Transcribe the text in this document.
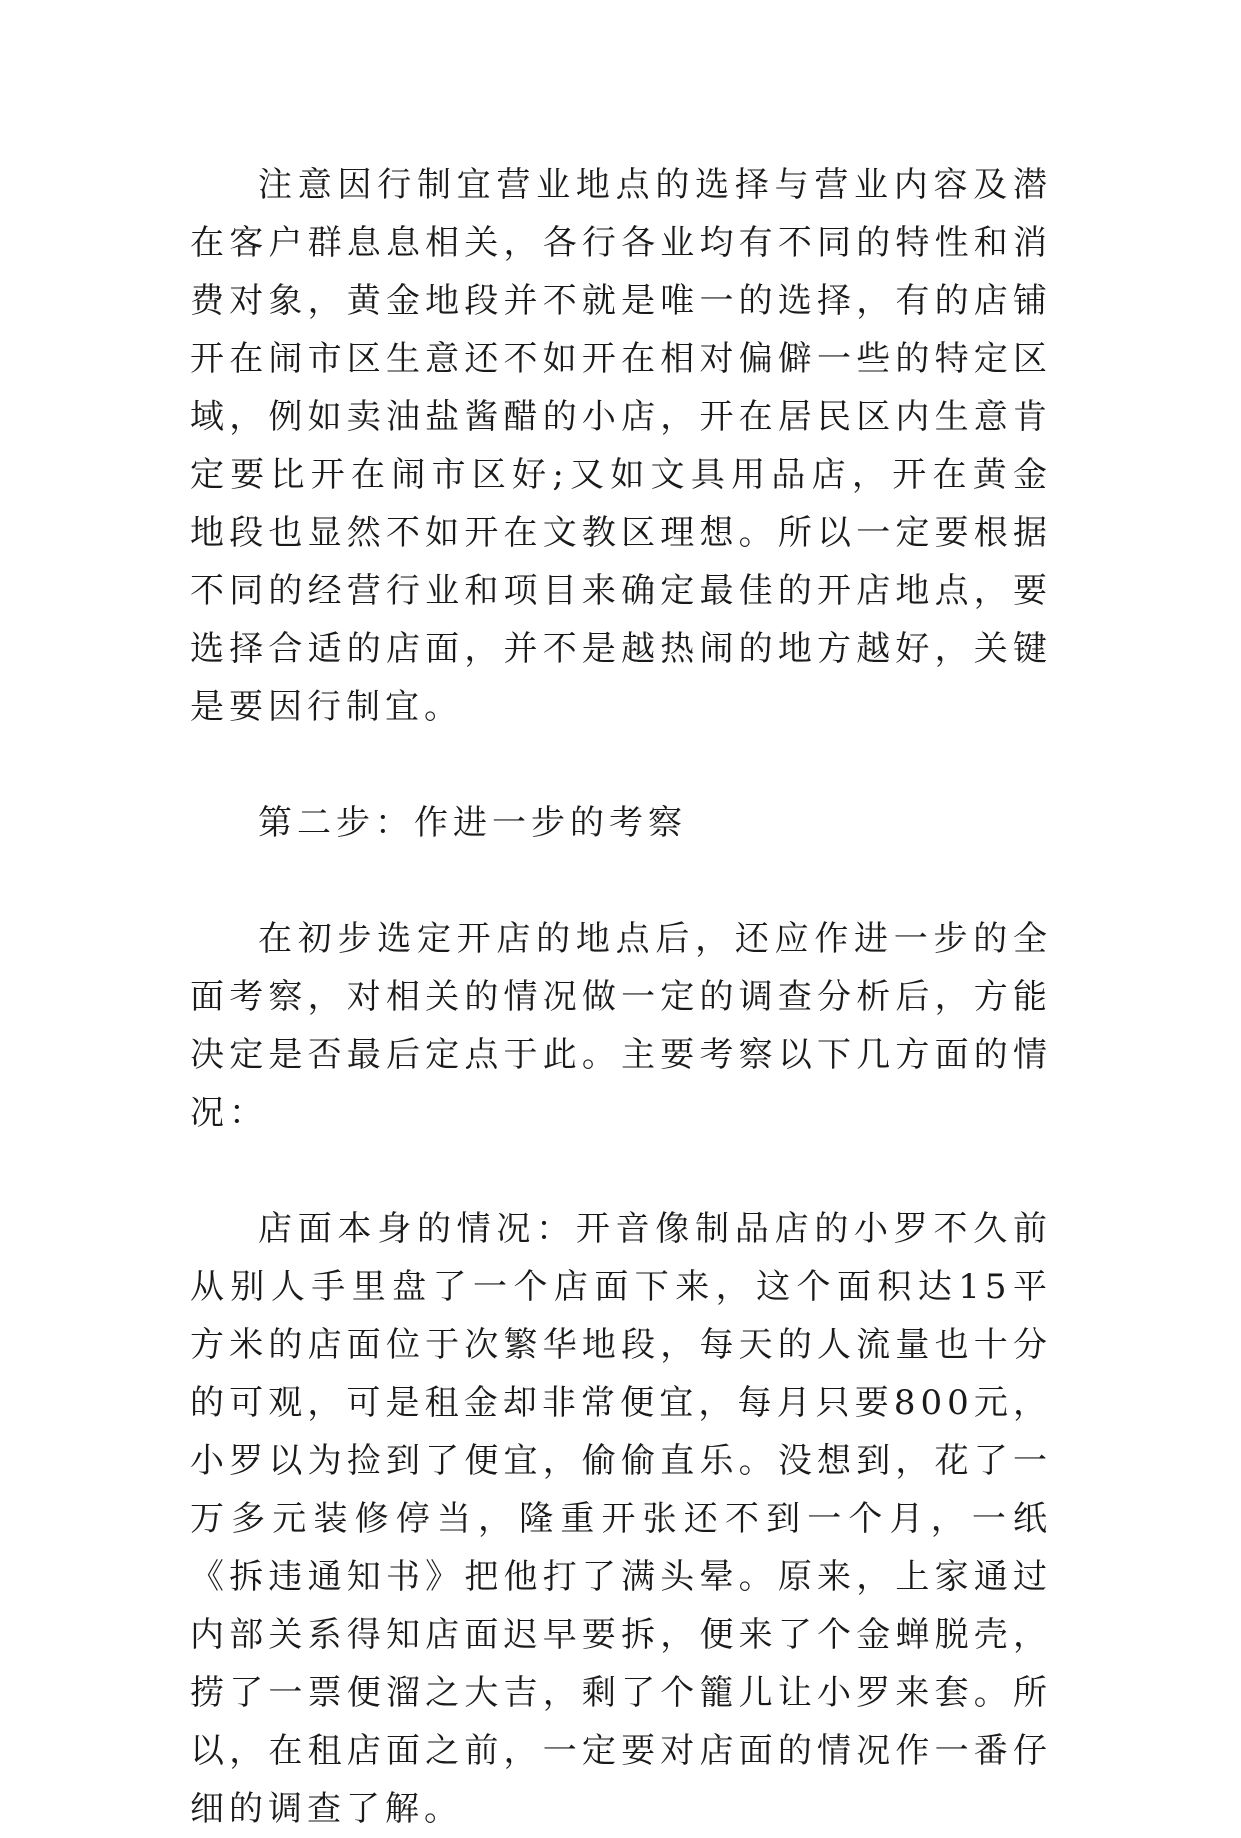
注意因行制宜营业地点的选择与营业内容及潜在客户群息息相关，各行各业均有不同的特性和消费对象，黄金地段并不就是唯一的选择，有的店铺开在闹市区生意还不如开在相对偏僻一些的特定区域，例如卖油盐酱醋的小店，开在居民区内生意肯定要比开在闹市区好;又如文具用品店，开在黄金地段也显然不如开在文教区理想。所以一定要根据不同的经营行业和项目来确定最佳的开店地点，要选择合适的店面，并不是越热闹的地方越好，关键是要因行制宜。

第二步：作进一步的考察

在初步选定开店的地点后，还应作进一步的全面考察，对相关的情况做一定的调查分析后，方能决定是否最后定点于此。主要考察以下几方面的情况：

店面本身的情况：开音像制品店的小罗不久前从别人手里盘了一个店面下来，这个面积达15平方米的店面位于次繁华地段，每天的人流量也十分的可观，可是租金却非常便宜，每月只要800元，小罗以为捡到了便宜，偷偷直乐。没想到，花了一万多元装修停当，隆重开张还不到一个月，一纸《拆违通知书》把他打了满头晕。原来，上家通过内部关系得知店面迟早要拆，便来了个金蝉脱壳，捞了一票便溜之大吉，剩了个籠儿让小罗来套。所以，在租店面之前，一定要对店面的情况作一番仔细的调查了解。
